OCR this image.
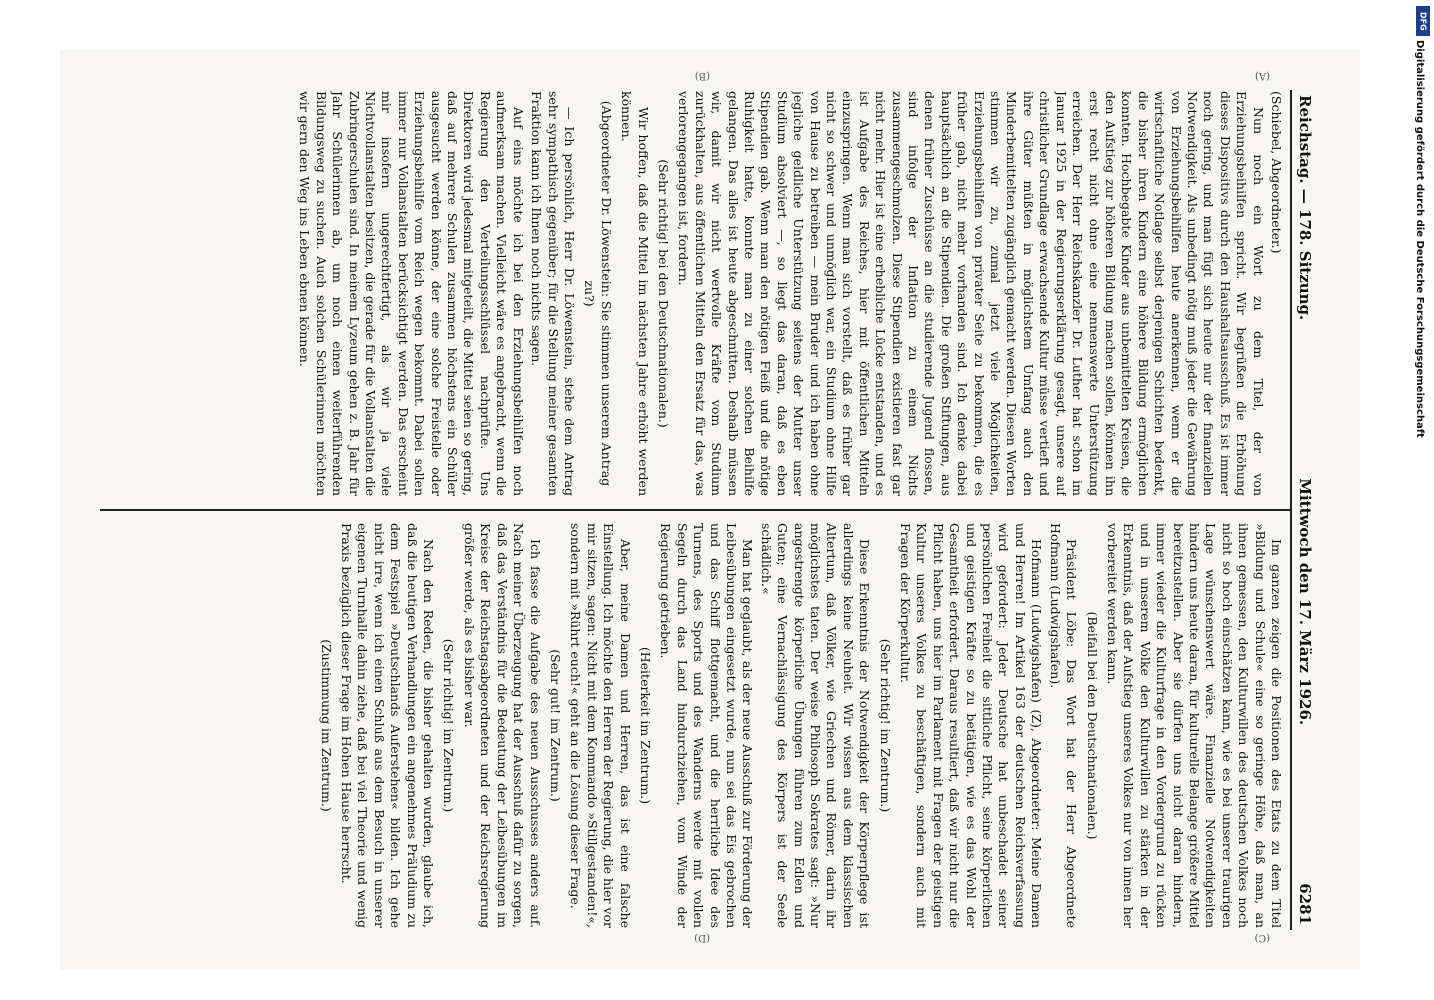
Reichstag. — 178. Sitzung.
Mittwoch den 17. März 1926.
6281

(Schiebel, Abgeordneter.)

Nun noch ein Wort zu dem Titel, der von Erziehungsbeihilfen spricht. Wir begrüßen die Erhöhung dieses Dispositivs durch den Haushaltsausschuß. Es ist immer noch gering, und man fügt sich heute nur der finanziellen Notwendigkeit. Als unbedingt nötig muß jeder die Gewährung von Erziehungsbeihilfen heute anerkennen, wenn er die wirtschaftliche Notlage selbst derjenigen Schichten bedenkt, die bisher ihren Kindern eine höhere Bildung ermöglichen konnten. Hochbegabte Kinder aus unbemittelten Kreisen, die den Aufstieg zur höheren Bildung machen sollen, können ihn erst recht nicht ohne eine nennenswerte Unterstützung erreichen. Der Herr Reichskanzler Dr. Luther hat schon im Januar 1925 in der Regierungserklärung gesagt, unsere auf christlicher Grundlage erwachsende Kultur müsse vertieft und ihre Güter müßten in möglichstem Umfang auch den Minderbemittelten zugänglich gemacht werden. Diesen Worten stimmen wir zu, zumal jetzt viele Möglichkeiten, Erziehungsbeihilfen von privater Seite zu bekommen, die es früher gab, nicht mehr vorhanden sind. Ich denke dabei hauptsächlich an die Stipendien. Die großen Stiftungen, aus denen früher Zuschüsse an die studierende Jugend flossen, sind infolge der Inflation zu einem Nichts zusammengeschmolzen. Diese Stipendien existieren fast gar nicht mehr. Hier ist eine erhebliche Lücke entstanden, und es ist Aufgabe des Reiches, hier mit öffentlichen Mitteln einzuspringen. Wenn man sich vorstellt, daß es früher gar nicht so schwer und unmöglich war, ein Studium ohne Hilfe von Hause zu betreiben — mein Bruder und ich haben ohne jegliche geldliche Unterstützung seitens der Mutter unser Studium absolviert —, so liegt das daran, daß es eben Stipendien gab. Wenn man den nötigen Fleiß und die nötige Ruhigkeit hatte, konnte man zu einer solchen Beihilfe gelangen. Das alles ist heute abgeschnitten. Deshalb müssen wir, damit wir nicht wertvolle Kräfte vom Studium zurückhalten, aus öffentlichen Mitteln den Ersatz für das, was verlorengegangen ist, fordern.

(Sehr richtig! bei den Deutschnationalen.)

Wir hoffen, daß die Mittel im nächsten Jahre erhöht werden können.

(Abgeordneter Dr. Löwenstein: Sie stimmen unserem Antrag zu?)

— Ich persönlich, Herr Dr. Löwenstein, stehe dem Antrag sehr sympathisch gegenüber; für die Stellung meiner gesamten Fraktion kann ich Ihnen noch nichts sagen.

Auf eins möchte ich bei den Erziehungsbeihilfen noch aufmerksam machen. Vielleicht wäre es angebracht, wenn die Regierung den Verteilungsschlüssel nachprüfte. Uns Direktoren wird jedesmal mitgeteilt, die Mittel seien so gering, daß auf mehrere Schulen zusammen höchstens ein Schüler ausgesucht werden könne, der eine solche Freistelle oder Erziehungsbeihilfe vom Reich wegen bekommt. Dabei sollen immer nur Vollanstalten berücksichtigt werden. Das erscheint mir insofern ungerechtfertigt, als wir ja viele Nichtvollanstalten besitzen, die gerade für die Vollanstalten die Zubringerschulen sind. In meinem Lyzeum gehen z. B. Jahr für Jahr Schülerinnen ab, um noch einen weiterführenden Bildungsweg zu suchen. Auch solchen Schülerinnen möchten wir gern den Weg ins Leben ebnen können.

Im ganzen zeigen die Positionen des Etats zu dem Titel »Bildung und Schule« eine so geringe Höhe, daß man, an ihnen gemessen, den Kulturwillen des deutschen Volkes noch nicht so hoch einschätzen kann, wie es bei unserer traurigen Lage wünschenswert wäre. Finanzielle Notwendigkeiten hindern uns heute daran, für kulturelle Belange größere Mittel bereitzustellen. Aber sie dürfen uns nicht daran hindern, immer wieder die Kulturfrage in den Vordergrund zu rücken und in unserem Volke den Kulturwillen zu stärken in der Erkenntnis, daß der Aufstieg unseres Volkes nur von innen her vorbereitet werden kann.

(Beifall bei den Deutschnationalen.)

Präsident Löbe: Das Wort hat der Herr Abgeordnete Hofmann (Ludwigshafen).

Hofmann (Ludwigshafen) (Z), Abgeordneter: Meine Damen und Herren! Im Artikel 163 der deutschen Reichsverfassung wird gefordert: Jeder Deutsche hat unbeschadet seiner persönlichen Freiheit die sittliche Pflicht, seine körperlichen und geistigen Kräfte so zu betätigen, wie es das Wohl der Gesamtheit erfordert. Daraus resultiert, daß wir nicht nur die Pflicht haben, uns hier im Parlament mit Fragen der geistigen Kultur unseres Volkes zu beschäftigen, sondern auch mit Fragen der Körperkultur.

(Sehr richtig! im Zentrum.)

Diese Erkenntnis der Notwendigkeit der Körperpflege ist allerdings keine Neuheit. Wir wissen aus dem klassischen Altertum, daß Völker, wie Griechen und Römer, darin ihr möglichstes taten. Der weise Philosoph Sokrates sagt: »Nur angestrengte körperliche Übungen führen zum Edlen und Guten; eine Vernachlässigung des Körpers ist der Seele schädlich.«

Man hat geglaubt, als der neue Ausschuß zur Förderung der Leibesübungen eingesetzt wurde, nun sei das Eis gebrochen und das Schiff flottgemacht, und die herrliche Idee des Turnens, des Sports und des Wanderns werde mit vollen Segeln durch das Land hindurchziehen, vom Winde der Regierung getrieben.

(Heiterkeit im Zentrum.)

Aber, meine Damen und Herren, das ist eine falsche Einstellung. Ich möchte den Herren der Regierung, die hier vor mir sitzen, sagen: Nicht mit dem Kommando »Stillgestanden!«, sondern mit »Rührt euch!« geht an die Lösung dieser Frage.

(Sehr gut! im Zentrum.)

Ich fasse die Aufgabe des neuen Ausschusses anders auf. Nach meiner Überzeugung hat der Ausschuß dafür zu sorgen, daß das Verständnis für die Bedeutung der Leibesübungen im Kreise der Reichstagsabgeordneten und der Reichsregierung größer werde, als es bisher war.

(Sehr richtig! im Zentrum.)

Nach den Reden, die bisher gehalten wurden, glaube ich, daß die heutigen Verhandlungen ein angenehmes Präludium zu dem Festspiel »Deutschlands Auferstehen« bilden. Ich gehe nicht irre, wenn ich einen Schluß aus dem Besuch in unserer eigenen Turnhalle dahin ziehe, daß bei viel Theorie und wenig Praxis bezüglich dieser Frage im Hohen Hause herrscht.

(Zustimmung im Zentrum.)

(A)
(B)
(C)
(D)
DFG
Digitalisierung gefördert durch die Deutsche Forschungsgemeinschaft
